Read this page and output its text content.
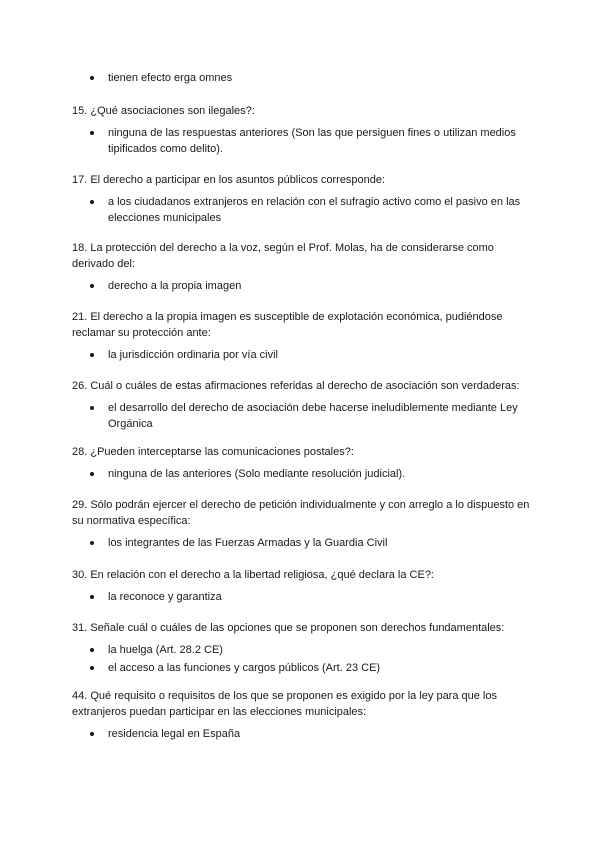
tienen efecto erga omnes

15. ¿Qué asociaciones son ilegales?:

ninguna de las respuestas anteriores (Son las que persiguen fines o utilizan medios tipificados como delito).

17. El derecho a participar en los asuntos públicos corresponde:

a los ciudadanos extranjeros en relación con el sufragio activo como el pasivo en las elecciones municipales

18. La protección del derecho a la voz, según el Prof. Molas, ha de considerarse como derivado del:

derecho a la propia imagen

21. El derecho a la propia imagen es susceptible de explotación económica, pudiéndose reclamar su protección ante:

la jurisdicción ordinaria por vía civil

26. Cuál o cuáles de estas afirmaciones referidas al derecho de asociación son verdaderas:

el desarrollo del derecho de asociación debe hacerse ineludiblemente mediante Ley Orgánica

28. ¿Pueden interceptarse las comunicaciones postales?:

ninguna de las anteriores (Solo mediante resolución judicial).

29. Sólo podrán ejercer el derecho de petición individualmente y con arreglo a lo dispuesto en su normativa específica:

los integrantes de las Fuerzas Armadas y la Guardia Civil

30. En relación con el derecho a la libertad religiosa, ¿qué declara la CE?:

la reconoce y garantiza

31. Señale cuál o cuáles de las opciones que se proponen son derechos fundamentales:

la huelga (Art. 28.2 CE)
el acceso a las funciones y cargos públicos (Art. 23 CE)

44. Qué requisito o requisitos de los que se proponen es exigido por la ley para que los extranjeros puedan participar en las elecciones municipales:

residencia legal en España
